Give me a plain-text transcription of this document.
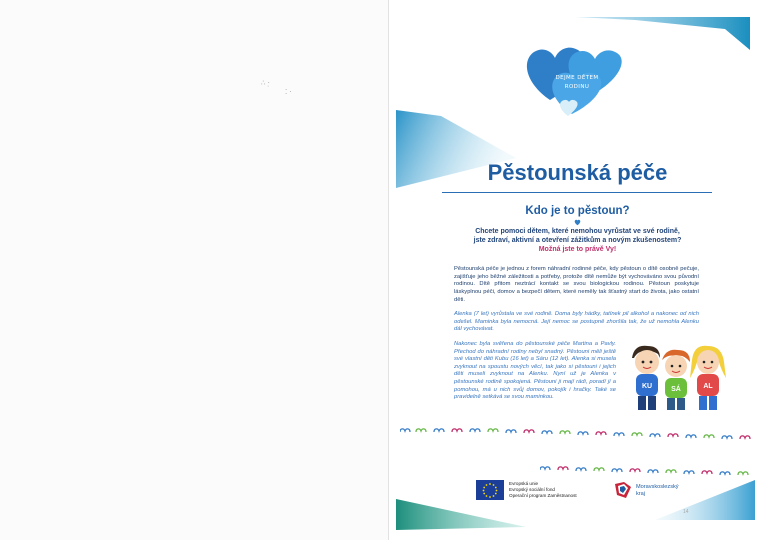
∴ ·̣
⁚ ·
DEJME DĚTEM
RODINU
Pěstounská péče
Kdo je to pěstoun?
Chcete pomoci dětem, které nemohou vyrůstat ve své rodině,
jste zdraví, aktivní a otevření zážitkům a novým zkušenostem?
Možná jste to právě Vy!
Pěstounská péče je jednou z forem náhradní rodinné péče, kdy pěstoun o dítě osobně pečuje, zajišťuje jeho běžné záležitosti a potřeby, protože dítě nemůže být vychováváno svou původní rodinou. Dítě přitom neztrácí kontakt se svou biologickou rodinou. Pěstoun poskytuje láskyplnou péči, domov a bezpečí dětem, které neměly tak šťastný start do života, jako ostatní děti.
Alenka (7 let) vyrůstala ve své rodině. Doma byly hádky, tatínek pil alkohol a nakonec od nich odešel. Maminka byla nemocná. Její nemoc se postupně zhoršila tak, že už nemohla Alenku dál vychovávat.
Nakonec byla svěřena do pěstounské péče Martina a Pavly. Přechod do náhradní rodiny nebyl snadný. Pěstouni měli ještě své vlastní děti Kubu (16 let) a Sáru (12 let). Alenka si musela zvyknout na spoustu nových věcí, tak jako si pěstouni i jejich děti museli zvyknout na Alenku. Nyní už je Alenka v pěstounské rodině spokojená. Pěstouni ji mají rádi, poradí jí a pomohou, má u nich svůj domov, pokojík i hračky. Také se pravidelně setkává se svou maminkou.
KU	SÁ	AL
Evropská unie
Evropský sociální fond
Operační program Zaměstnanost
Moravskoslezský
kraj
14
